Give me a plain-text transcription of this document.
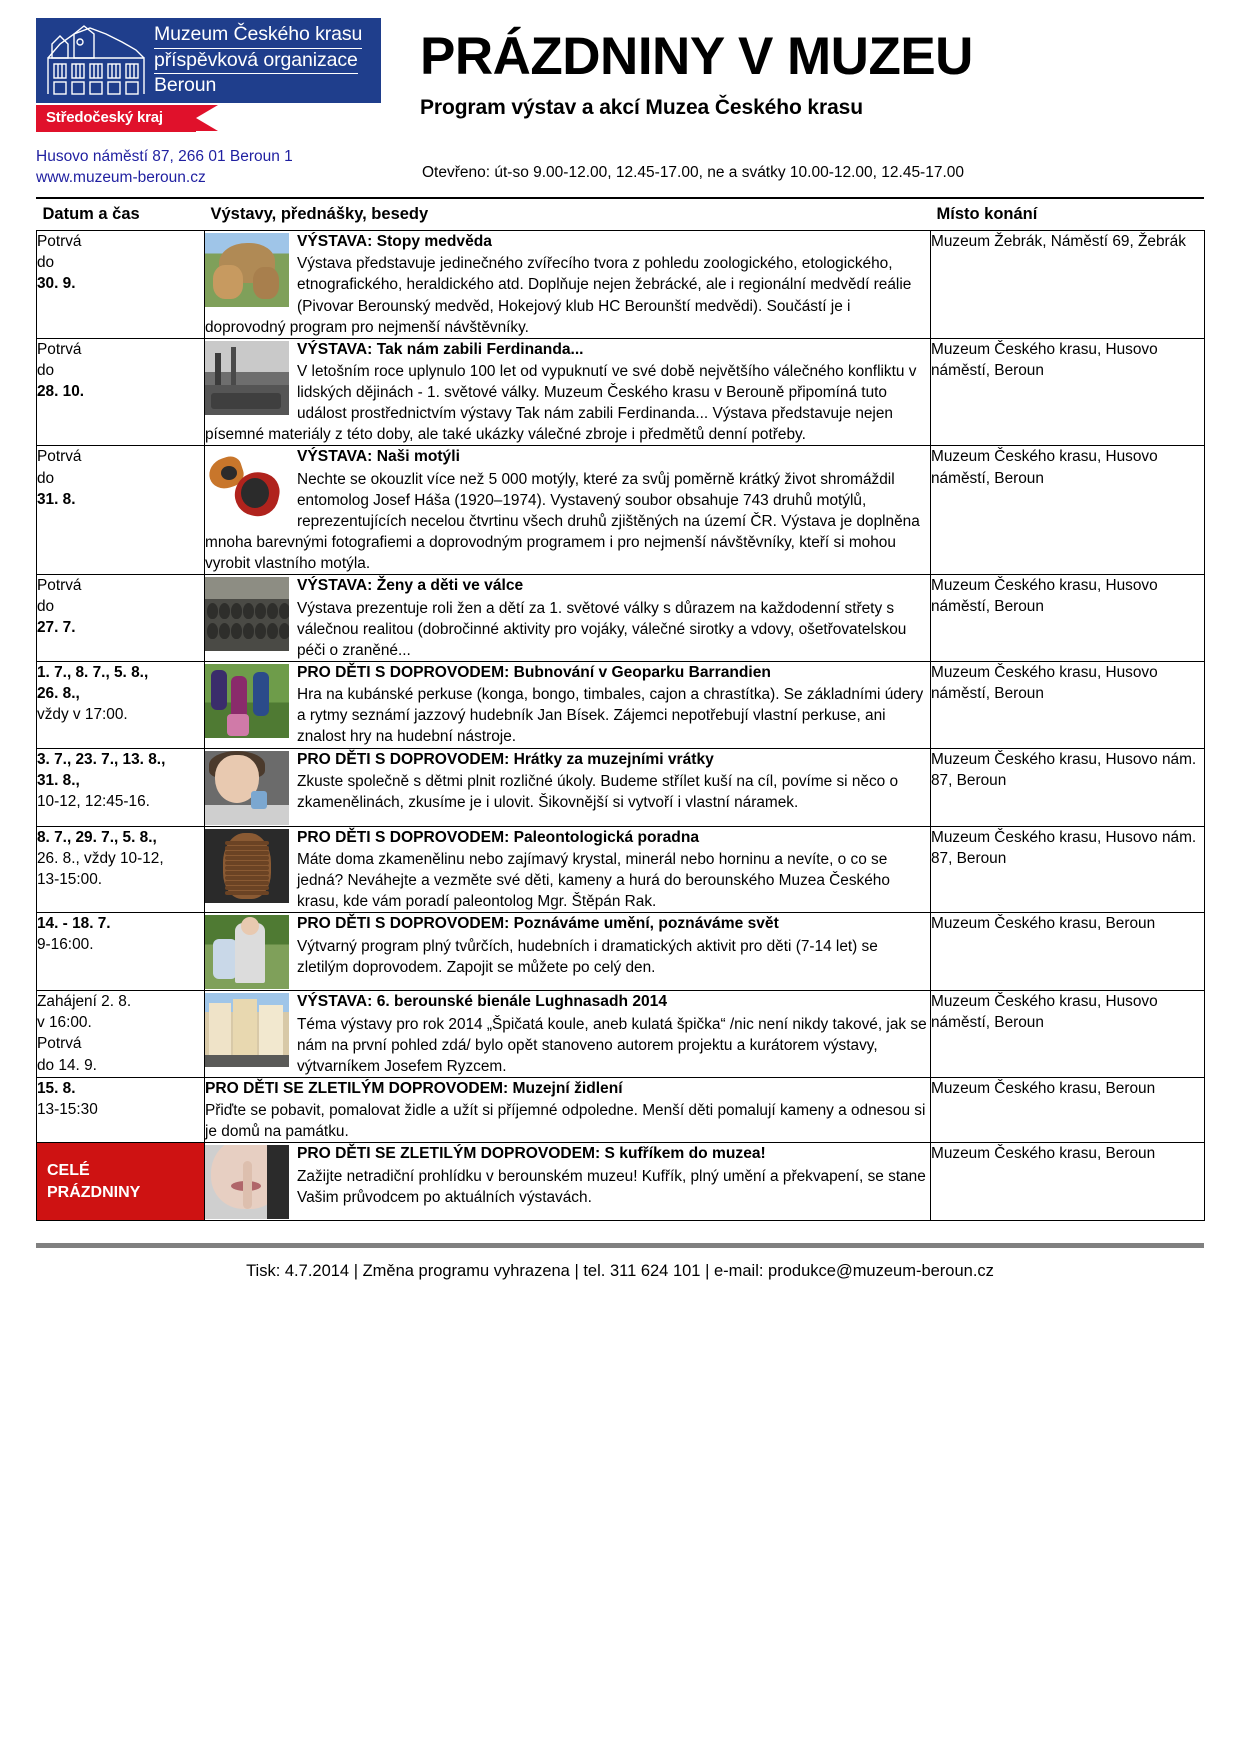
Muzeum Českého krasu příspěvková organizace
Beroun
Středočeský kraj
PRÁZDNINY V MUZEU
Program výstav a akcí Muzea Českého krasu
Husovo náměstí 87, 266 01 Beroun 1
www.muzeum-beroun.cz	Otevřeno: út-so 9.00-12.00, 12.45-17.00, ne a svátky 10.00-12.00, 12.45-17.00
Datum a čas	Výstavy, přednášky, besedy	Místo konání

Potrvá
do
30. 9.

VÝSTAVA: Stopy medvěda
Výstava představuje jedinečného zvířecího tvora z pohledu zoologického, etologického, etnografického, heraldického atd. Doplňuje nejen žebrácké, ale i regionální medvědí reálie (Pivovar Berounský medvěd, Hokejový klub HC Berounští medvědi). Součástí je i doprovodný program pro nejmenší návštěvníky.
	Muzeum Žebrák, Náměstí 69, Žebrák

Potrvá
do
28. 10.

VÝSTAVA: Tak nám zabili Ferdinanda...
V letošním roce uplynulo 100 let od vypuknutí ve své době největšího válečného konfliktu v lidských dějinách - 1. světové války. Muzeum Českého krasu v Berouně připomíná tuto událost prostřednictvím výstavy Tak nám zabili Ferdinanda... Výstava představuje nejen písemné materiály z této doby, ale také ukázky válečné zbroje i předmětů denní potřeby.
	Muzeum Českého krasu, Husovo náměstí, Beroun

Potrvá
do
31. 8.

VÝSTAVA: Naši motýli
Nechte se okouzlit více než 5 000 motýly, které za svůj poměrně krátký život shromáždil entomolog Josef Háša (1920–1974). Vystavený soubor obsahuje 743 druhů motýlů, reprezentujících necelou čtvrtinu všech druhů zjištěných na území ČR. Výstava je doplněna mnoha barevnými fotografiemi a doprovodným programem i pro nejmenší návštěvníky, kteří si mohou vyrobit vlastního motýla.
	Muzeum Českého krasu, Husovo náměstí, Beroun

Potrvá
do
27. 7.

VÝSTAVA: Ženy a děti ve válce
Výstava prezentuje roli žen a dětí za 1. světové války s důrazem na každodenní střety s válečnou realitou (dobročinné aktivity pro vojáky, válečné sirotky a vdovy, ošetřovatelskou péči o zraněné...
	Muzeum Českého krasu, Husovo náměstí, Beroun

1. 7., 8. 7., 5. 8.,
26. 8.,
vždy v 17:00.

PRO DĚTI S DOPROVODEM: Bubnování v Geoparku Barrandien
Hra na kubánské perkuse (konga, bongo, timbales, cajon a chrastítka). Se základními údery a rytmy seznámí jazzový hudebník Jan Bísek. Zájemci nepotřebují vlastní perkuse, ani znalost hry na hudební nástroje.
	Muzeum Českého krasu, Husovo náměstí, Beroun

3. 7., 23. 7., 13. 8.,
31. 8.,
10-12, 12:45-16.

PRO DĚTI S DOPROVODEM: Hrátky za muzejními vrátky
Zkuste společně s dětmi plnit rozličné úkoly. Budeme střílet kuší na cíl, povíme si něco o zkamenělinách, zkusíme je i ulovit. Šikovnější si vytvoří i vlastní náramek.
	Muzeum Českého krasu, Husovo nám. 87, Beroun

8. 7., 29. 7., 5. 8.,
26. 8., vždy 10-12,
13-15:00.

PRO DĚTI S DOPROVODEM: Paleontologická poradna
Máte doma zkamenělinu nebo zajímavý krystal, minerál nebo horninu a nevíte, o co se jedná? Neváhejte a vezměte své děti, kameny a hurá do berounského Muzea Českého krasu, kde vám poradí paleontolog Mgr. Štěpán Rak.
	Muzeum Českého krasu, Husovo nám. 87, Beroun

14. - 18. 7.
9-16:00.

PRO DĚTI S DOPROVODEM: Poznáváme umění, poznáváme svět
Výtvarný program plný tvůrčích, hudebních i dramatických aktivit pro děti (7-14 let) se zletilým doprovodem. Zapojit se můžete po celý den.
	Muzeum Českého krasu, Beroun

Zahájení 2. 8.
v 16:00.
Potrvá
do 14. 9.

VÝSTAVA: 6. berounské bienále Lughnasadh 2014
Téma výstavy pro rok 2014 „Špičatá koule, aneb kulatá špička“ /nic není nikdy takové, jak se nám na první pohled zdá/ bylo opět stanoveno autorem projektu a kurátorem výstavy, výtvarníkem Josefem Ryzcem.
	Muzeum Českého krasu, Husovo náměstí, Beroun

15. 8.
13-15:30

PRO DĚTI SE ZLETILÝM DOPROVODEM: Muzejní židlení
Přiďte se pobavit, pomalovat židle a užít si příjemné odpoledne. Menší děti pomalují kameny a odnesou si je domů na památku.
	Muzeum Českého krasu, Beroun

CELÉ
PRÁZDNINY

PRO DĚTI SE ZLETILÝM DOPROVODEM: S kufříkem do muzea!
Zažijte netradiční prohlídku v berounském muzeu! Kufřík, plný umění a překvapení, se stane Vašim průvodcem po aktuálních výstavách.
	Muzeum Českého krasu, Beroun
Tisk: 4.7.2014 | Změna programu vyhrazena | tel. 311 624 101 | e-mail: produkce@muzeum-beroun.cz
